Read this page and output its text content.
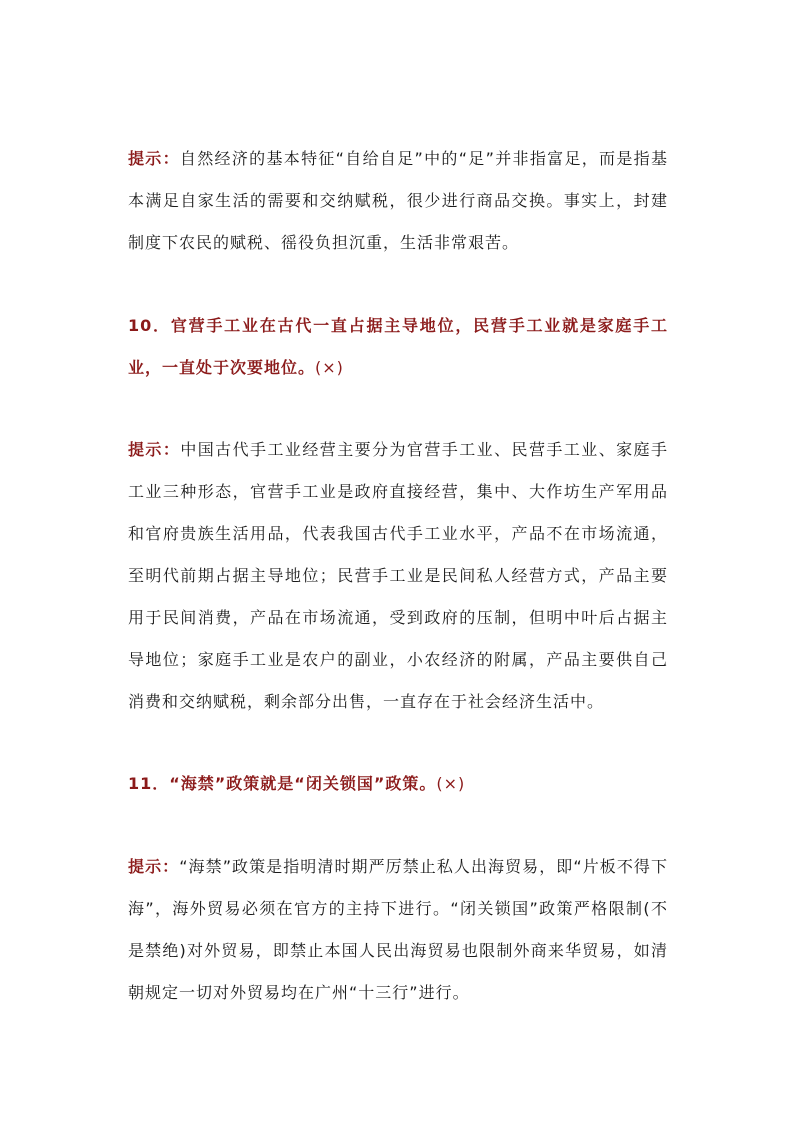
提示：自然经济的基本特征“自给自足”中的“足”并非指富足，而是指基本满足自家生活的需要和交纳赋税，很少进行商品交换。事实上，封建制度下农民的赋税、徭役负担沉重，生活非常艰苦。

10．官营手工业在古代一直占据主导地位，民营手工业就是家庭手工业，一直处于次要地位。(×)

提示：中国古代手工业经营主要分为官营手工业、民营手工业、家庭手工业三种形态，官营手工业是政府直接经营，集中、大作坊生产军用品和官府贵族生活用品，代表我国古代手工业水平，产品不在市场流通，至明代前期占据主导地位；民营手工业是民间私人经营方式，产品主要用于民间消费，产品在市场流通，受到政府的压制，但明中叶后占据主导地位；家庭手工业是农户的副业，小农经济的附属，产品主要供自己消费和交纳赋税，剩余部分出售，一直存在于社会经济生活中。

11．“海禁”政策就是“闭关锁国”政策。(×)

提示：“海禁”政策是指明清时期严厉禁止私人出海贸易，即“片板不得下海”，海外贸易必须在官方的主持下进行。“闭关锁国”政策严格限制(不是禁绝)对外贸易，即禁止本国人民出海贸易也限制外商来华贸易，如清朝规定一切对外贸易均在广州“十三行”进行。
